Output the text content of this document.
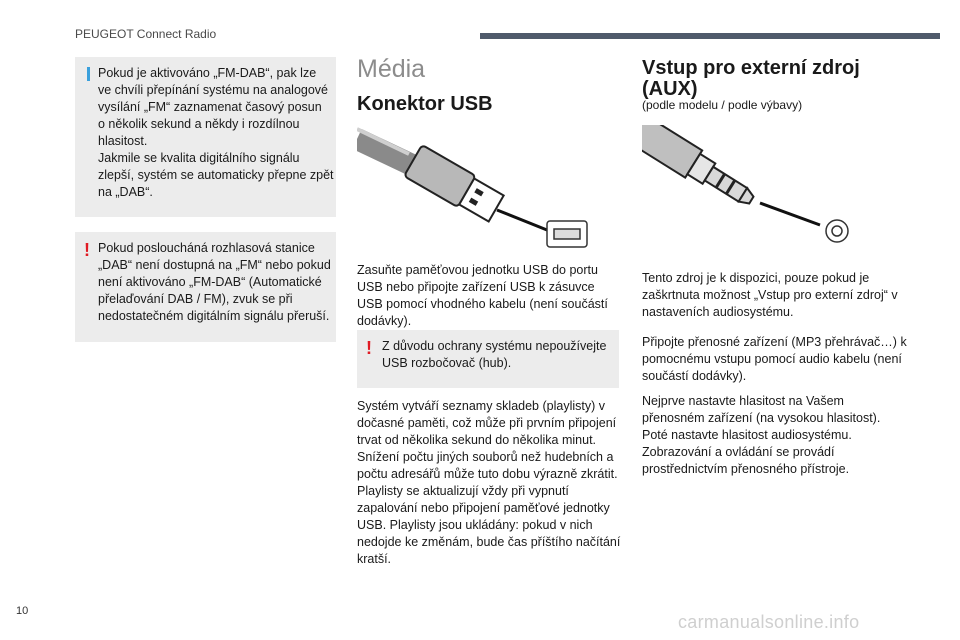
PEUGEOT Connect Radio

Pokud je aktivováno „FM-DAB“, pak lze

ve chvíli přepínání systému na analogové

vysílání „FM“ zaznamenat časový posun

o několik sekund a někdy i rozdílnou

hlasitost.

Jakmile se kvalita digitálního signálu

zlepší, systém se automaticky přepne zpět

na „DAB“.

! Pokud posloucháná rozhlasová stanice

„DAB“ není dostupná na „FM“ nebo pokud

není aktivováno „FM-DAB“ (Automatické

přelaďování DAB / FM), zvuk se při

nedostatečném digitálním signálu přeruší.

Média
Konektor USB
Zasuňte paměťovou jednotku USB do portu
USB nebo připojte zařízení USB k zásuvce
USB pomocí vhodného kabelu (není součástí
dodávky).
! Z důvodu ochrany systému nepoužívejte

USB rozbočovač (hub).

Systém vytváří seznamy skladeb (playlisty) v
dočasné paměti, což může při prvním připojení
trvat od několika sekund do několika minut.
Snížení počtu jiných souborů než hudebních a
počtu adresářů může tuto dobu výrazně zkrátit.
Playlisty se aktualizují vždy při vypnutí
zapalování nebo připojení paměťové jednotky
USB. Playlisty jsou ukládány: pokud v nich
nedojde ke změnám, bude čas příštího načítání
kratší.
Vstup pro externí zdroj
(AUX)
(podle modelu / podle výbavy)
Tento zdroj je k dispozici, pouze pokud je
zaškrtnuta možnost „Vstup pro externí zdroj“ v
nastaveních audiosystému.
Připojte přenosné zařízení (MP3 přehrávač…) k
pomocnému vstupu pomocí audio kabelu (není
součástí dodávky).
Nejprve nastavte hlasitost na Vašem
přenosném zařízení (na vysokou hlasitost).
Poté nastavte hlasitost audiosystému.
Zobrazování a ovládání se provádí
prostřednictvím přenosného přístroje.
10
carmanualsonline.info
